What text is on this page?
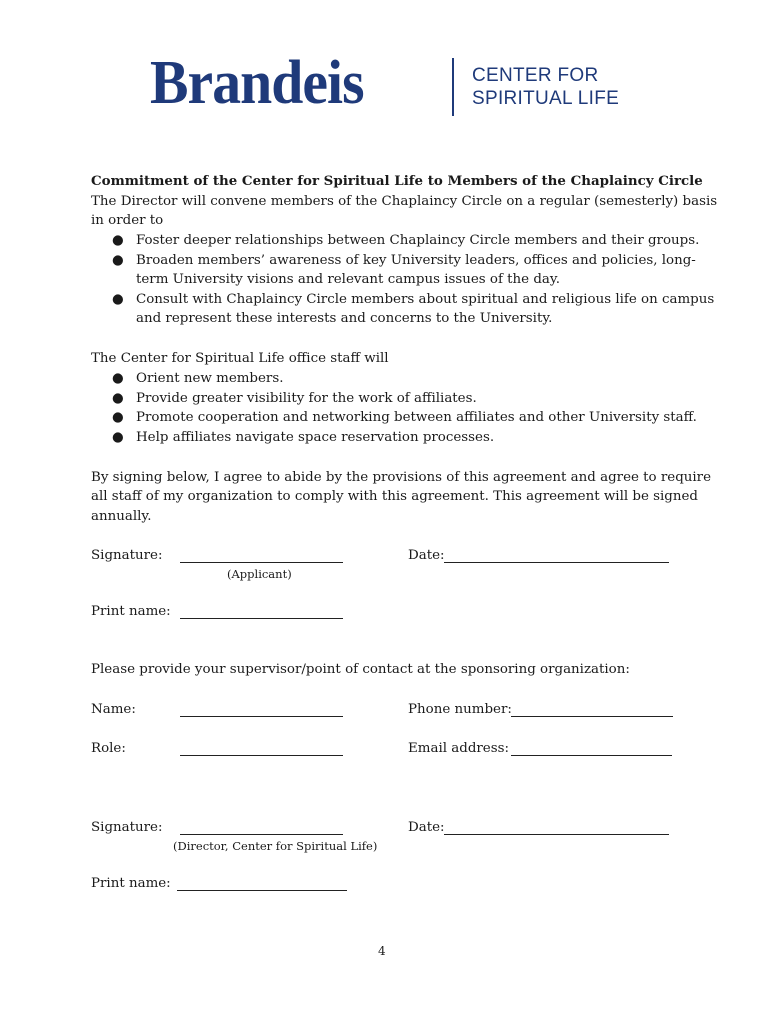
Brandeis	CENTER FOR
SPIRITUAL LIFE
Commitment of the Center for Spiritual Life to Members of the Chaplaincy Circle
The Director will convene members of the Chaplaincy Circle on a regular (semesterly) basis
in order to
● Foster deeper relationships between Chaplaincy Circle members and their groups.
● Broaden members’ awareness of key University leaders, offices and policies, long-
term University visions and relevant campus issues of the day.
● Consult with Chaplaincy Circle members about spiritual and religious life on campus
and represent these interests and concerns to the University.
The Center for Spiritual Life office staff will
● Orient new members.
● Provide greater visibility for the work of affiliates.
● Promote cooperation and networking between affiliates and other University staff.
● Help affiliates navigate space reservation processes.
By signing below, I agree to abide by the provisions of this agreement and agree to require
all staff of my organization to comply with this agreement. This agreement will be signed
annually.
Signature:
(Applicant)
Date:
Print name:
Please provide your supervisor/point of contact at the sponsoring organization:
Name:	Phone number:
Role:	Email address:
Signature:
(Director, Center for Spiritual Life)
Date:
Print name:
4
